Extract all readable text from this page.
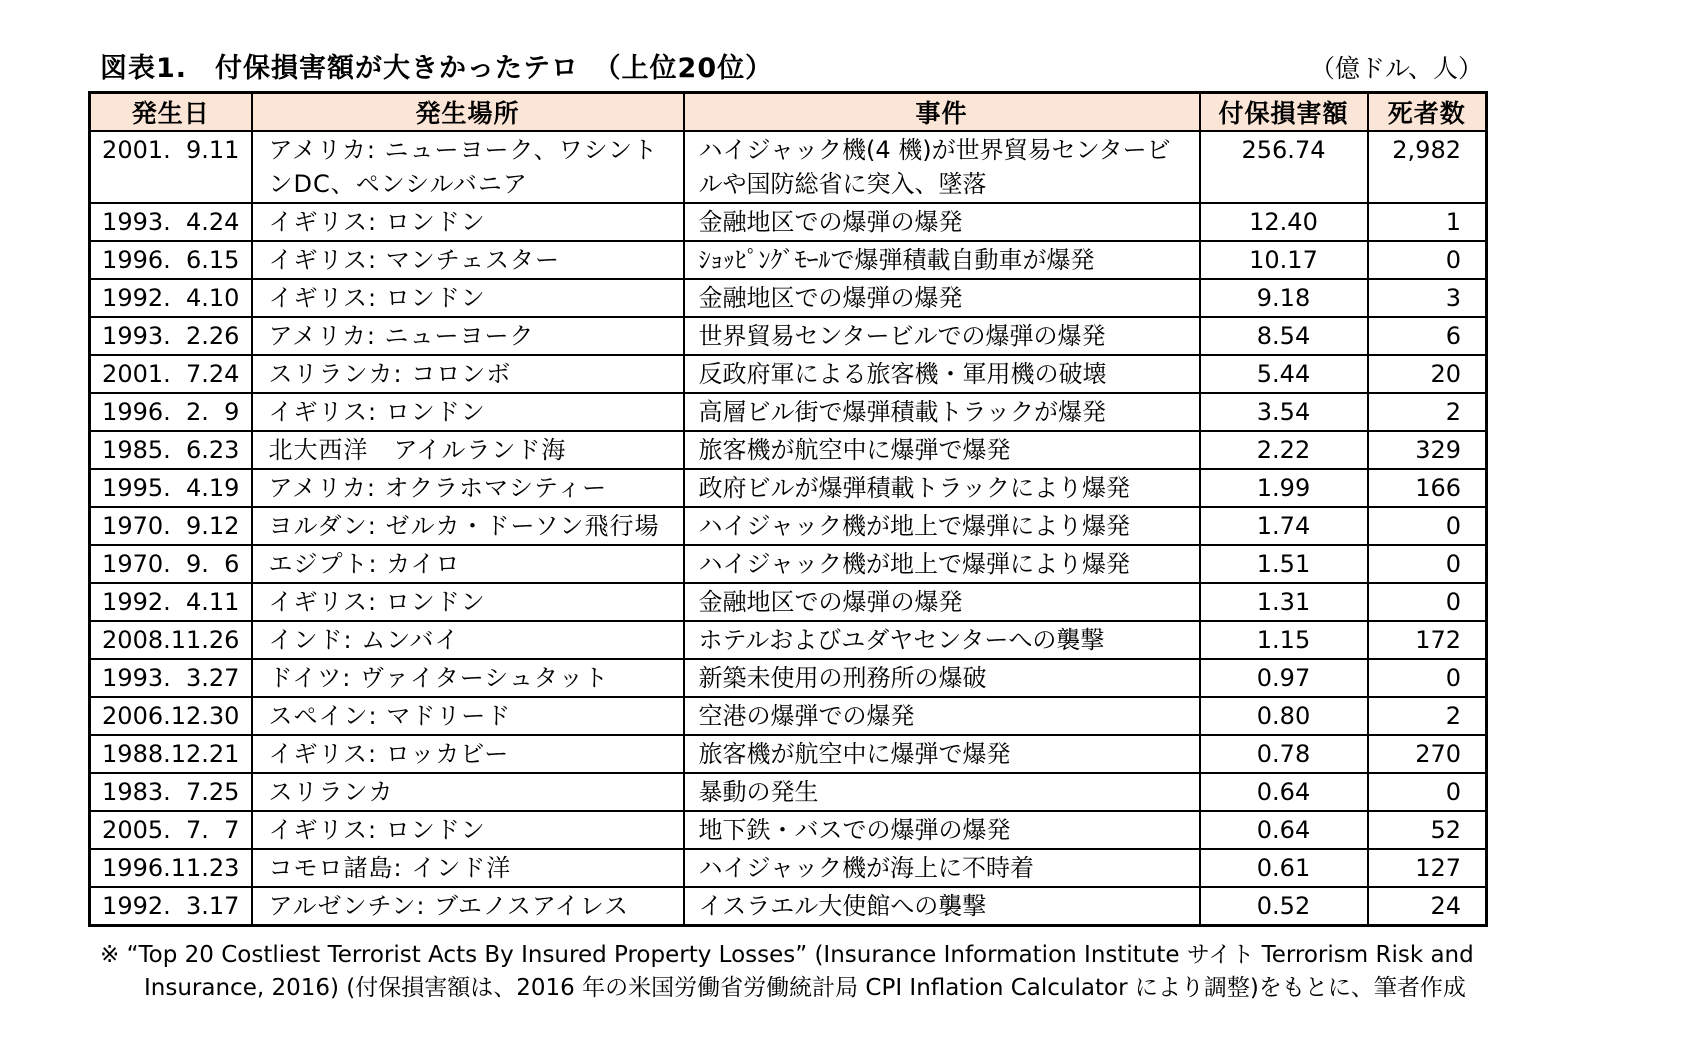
図表1.　付保損害額が大きかったテロ　（上位20位）	（億ドル、人）
発生日	発生場所	事件	付保損害額	死者数
2001.  9.11	アメリカ: ニューヨーク、ワシントンDC、ペンシルバニア	ハイジャック機(4 機)が世界貿易センタービルや国防総省に突入、墜落	256.74	2,982
1993.  4.24	イギリス: ロンドン	金融地区での爆弾の爆発	12.40	1
1996.  6.15	イギリス: マンチェスター	ｼｮｯﾋﾟﾝｸﾞﾓｰﾙで爆弾積載自動車が爆発	10.17	0
1992.  4.10	イギリス: ロンドン	金融地区での爆弾の爆発	9.18	3
1993.  2.26	アメリカ: ニューヨーク	世界貿易センタービルでの爆弾の爆発	8.54	6
2001.  7.24	スリランカ: コロンボ	反政府軍による旅客機・軍用機の破壊	5.44	20
1996.  2.  9	イギリス: ロンドン	高層ビル街で爆弾積載トラックが爆発	3.54	2
1985.  6.23	北大西洋　アイルランド海	旅客機が航空中に爆弾で爆発	2.22	329
1995.  4.19	アメリカ: オクラホマシティー	政府ビルが爆弾積載トラックにより爆発	1.99	166
1970.  9.12	ヨルダン: ゼルカ・ドーソン飛行場	ハイジャック機が地上で爆弾により爆発	1.74	0
1970.  9.  6	エジプト: カイロ	ハイジャック機が地上で爆弾により爆発	1.51	0
1992.  4.11	イギリス: ロンドン	金融地区での爆弾の爆発	1.31	0
2008.11.26	インド: ムンバイ	ホテルおよびユダヤセンターへの襲撃	1.15	172
1993.  3.27	ドイツ: ヴァイターシュタット	新築未使用の刑務所の爆破	0.97	0
2006.12.30	スペイン: マドリード	空港の爆弾での爆発	0.80	2
1988.12.21	イギリス: ロッカビー	旅客機が航空中に爆弾で爆発	0.78	270
1983.  7.25	スリランカ	暴動の発生	0.64	0
2005.  7.  7	イギリス: ロンドン	地下鉄・バスでの爆弾の爆発	0.64	52
1996.11.23	コモロ諸島: インド洋	ハイジャック機が海上に不時着	0.61	127
1992.  3.17	アルゼンチン: ブエノスアイレス	イスラエル大使館への襲撃	0.52	24
※ “Top 20 Costliest Terrorist Acts By Insured Property Losses” (Insurance Information Institute サイト Terrorism Risk and
Insurance, 2016) (付保損害額は、2016 年の米国労働省労働統計局 CPI Inflation Calculator により調整)をもとに、筆者作成
